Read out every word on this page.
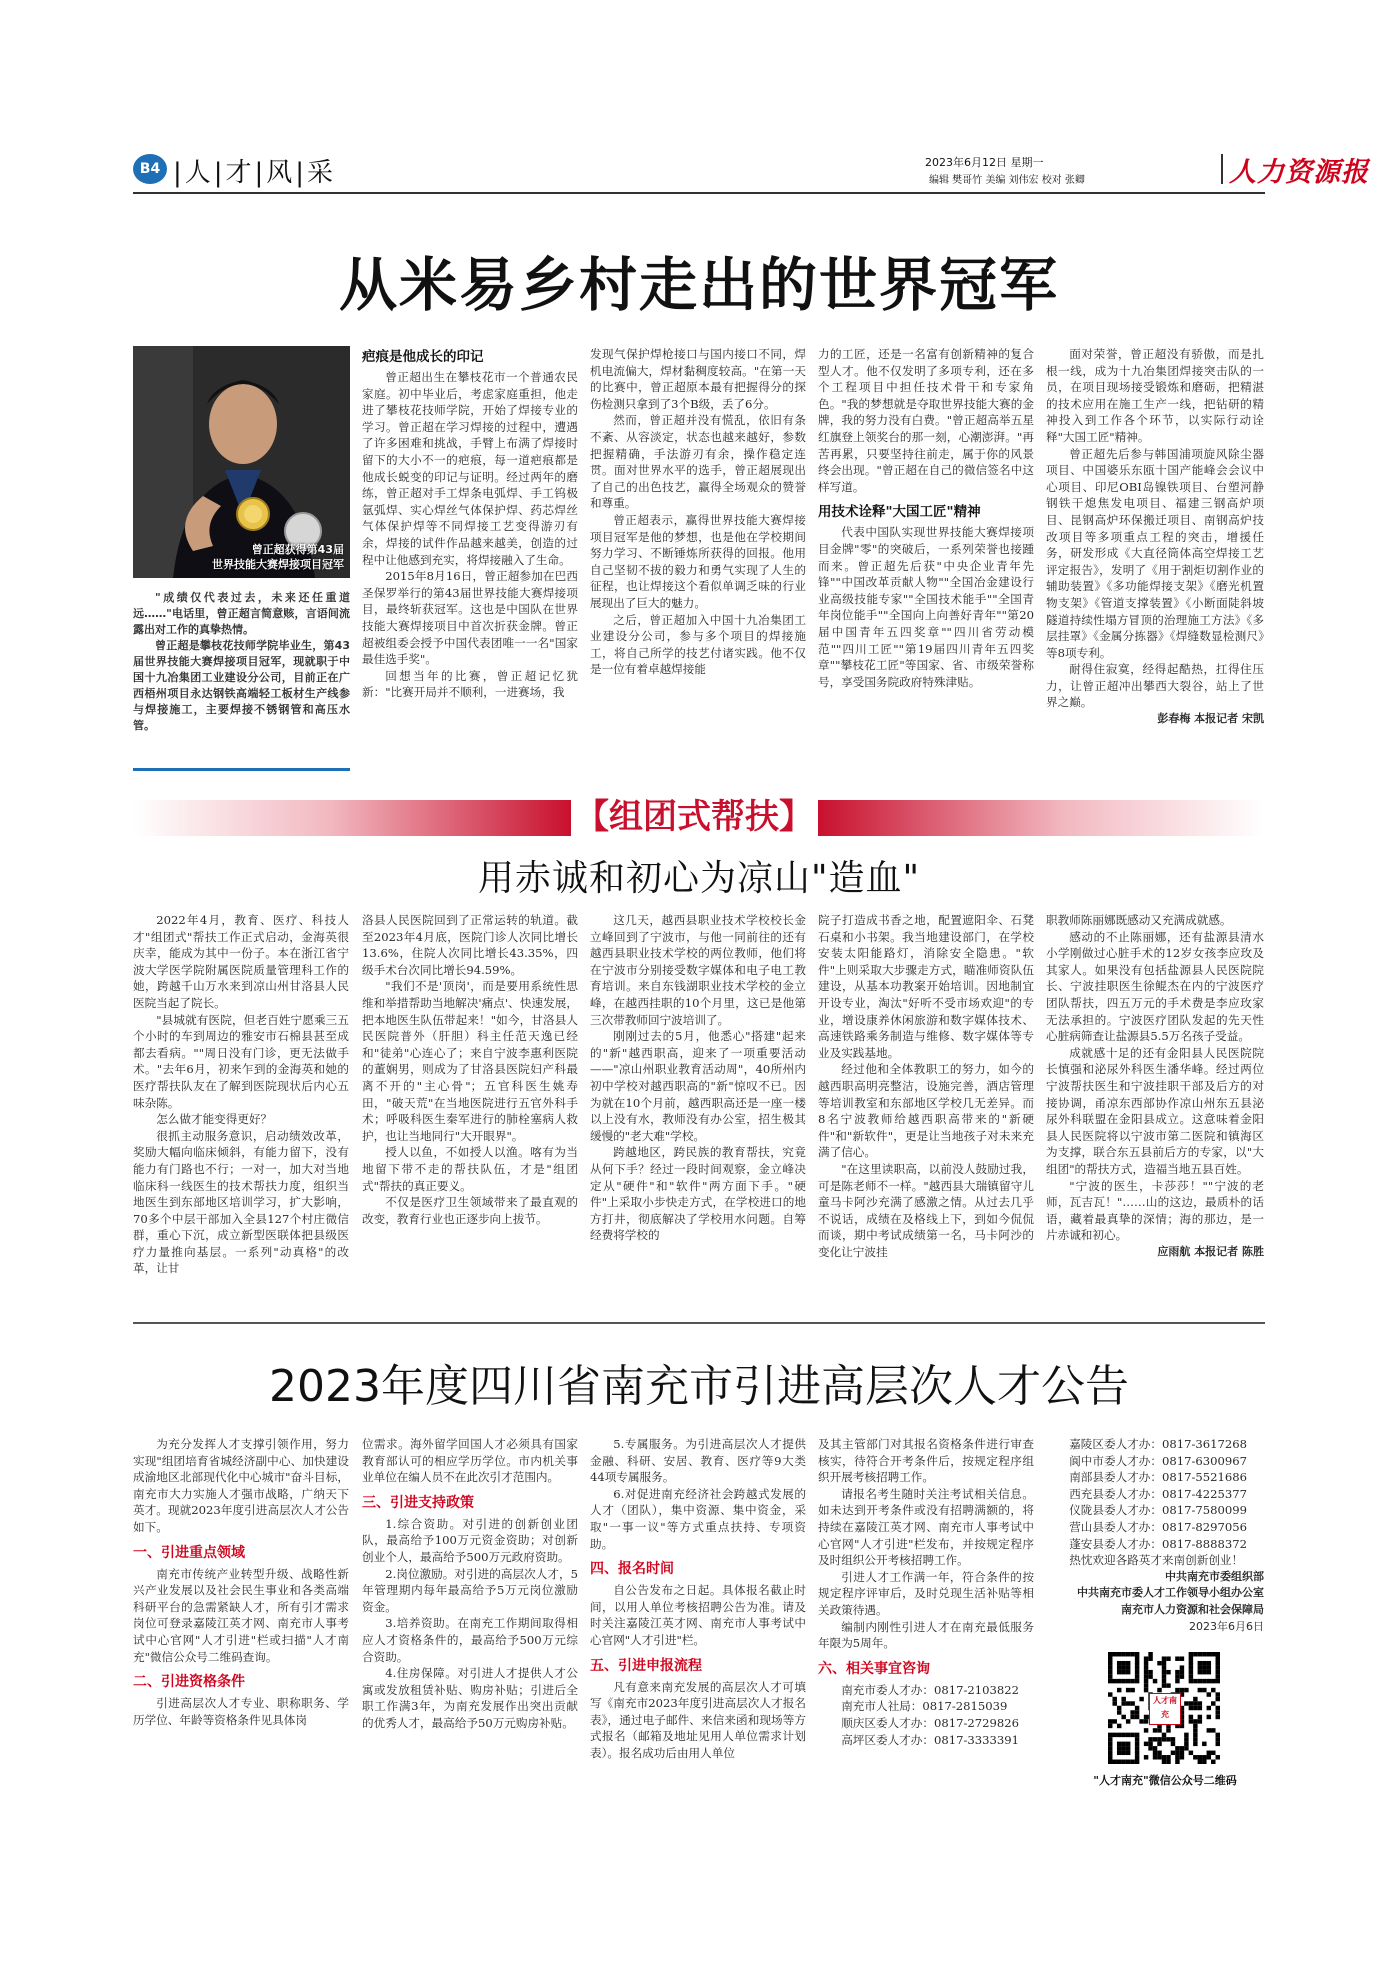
B4 |人|才|风|采	2023年6月12日 星期一
编辑 樊哥竹 美编 刘伟宏 校对 张卿	人力资源报
从米易乡村走出的世界冠军
曾正超获得第43届
世界技能大赛焊接项目冠军

"成绩仅代表过去，未来还任重道远……"电话里，曾正超言简意赅，言语间流露出对工作的真挚热情。

曾正超是攀枝花技师学院毕业生，第43届世界技能大赛焊接项目冠军，现就职于中国十九冶集团工业建设分公司，目前正在广西梧州项目永达钢铁高端轻工板材生产线参与焊接施工，主要焊接不锈钢管和高压水管。

疤痕是他成长的印记

曾正超出生在攀枝花市一个普通农民家庭。初中毕业后，考虑家庭重担，他走进了攀枝花技师学院，开始了焊接专业的学习。曾正超在学习焊接的过程中，遭遇了许多困难和挑战，手臂上布满了焊接时留下的大小不一的疤痕，每一道疤痕都是他成长蜕变的印记与证明。经过两年的磨练，曾正超对手工焊条电弧焊、手工钨极氩弧焊、实心焊丝气体保护焊、药芯焊丝气体保护焊等不同焊接工艺变得游刃有余，焊接的试件作品越来越美，创造的过程中让他感到充实，将焊接融入了生命。

2015年8月16日，曾正超参加在巴西圣保罗举行的第43届世界技能大赛焊接项目，最终斩获冠军。这也是中国队在世界技能大赛焊接项目中首次折获金牌。曾正超被组委会授予中国代表团唯一一名"国家最佳选手奖"。

回想当年的比赛，曾正超记忆犹新："比赛开局并不顺利，一进赛场，我

发现气保护焊枪接口与国内接口不同，焊机电流偏大，焊材黏稠度较高。"在第一天的比赛中，曾正超原本最有把握得分的探伤检测只拿到了3个B级，丢了6分。

然而，曾正超并没有慌乱，依旧有条不紊、从容淡定，状态也越来越好，参数把握精确，手法游刃有余，操作稳定连贯。面对世界水平的选手，曾正超展现出了自己的出色技艺，赢得全场观众的赞誉和尊重。

曾正超表示，赢得世界技能大赛焊接项目冠军是他的梦想，也是他在学校期间努力学习、不断锤炼所获得的回报。他用自己坚韧不拔的毅力和勇气实现了人生的征程，也让焊接这个看似单调乏味的行业展现出了巨大的魅力。

之后，曾正超加入中国十九冶集团工业建设分公司，参与多个项目的焊接施工，将自己所学的技艺付诸实践。他不仅是一位有着卓越焊接能

力的工匠，还是一名富有创新精神的复合型人才。他不仅发明了多项专利，还在多个工程项目中担任技术骨干和专家角色。"我的梦想就是夺取世界技能大赛的金牌，我的努力没有白费。"曾正超高举五星红旗登上领奖台的那一刻，心潮澎湃。"再苦再累，只要坚持往前走，属于你的风景终会出现。"曾正超在自己的微信签名中这样写道。

用技术诠释"大国工匠"精神

代表中国队实现世界技能大赛焊接项目金牌"零"的突破后，一系列荣誉也接踵而来。曾正超先后获"中央企业青年先锋""中国改革贡献人物""全国冶金建设行业高级技能专家""全国技术能手""全国青年岗位能手""全国向上向善好青年""第20届中国青年五四奖章""四川省劳动模范""四川工匠""第19届四川青年五四奖章""攀枝花工匠"等国家、省、市级荣誉称号，享受国务院政府特殊津贴。

面对荣誉，曾正超没有骄傲，而是扎根一线，成为十九冶集团焊接突击队的一员，在项目现场接受锻炼和磨砺，把精湛的技术应用在施工生产一线，把钻研的精神投入到工作各个环节，以实际行动诠释"大国工匠"精神。

曾正超先后参与韩国浦项旋风除尘器项目、中国婆乐东瓯十国产能峰会会议中心项目、印尼OBI岛镍铁项目、台塑河静钢铁干熄焦发电项目、福建三钢高炉项目、昆钢高炉环保搬迁项目、南钢高炉技改项目等多项重点工程的突击，增援任务，研发形成《大直径筒体高空焊接工艺评定报告》，发明了《用于割炬切割作业的辅助装置》《多功能焊接支架》《磨光机置物支架》《管道支撑装置》《小断面陡斜坡隧道持续性塌方冒顶的治理施工方法》《多层挂罩》《金属分拣器》《焊缝数显检测尺》等8项专利。

耐得住寂寞，经得起酷热，扛得住压力，让曾正超冲出攀西大裂谷，站上了世界之巅。

彭春梅 本报记者 宋凯
【组团式帮扶】
用赤诚和初心为凉山"造血"

2022年4月，教育、医疗、科技人才"组团式"帮扶工作正式启动，金海英很庆幸，能成为其中一份子。本在浙江省宁波大学医学院附属医院质量管理科工作的她，跨越千山万水来到凉山州甘洛县人民医院当起了院长。

"县城就有医院，但老百姓宁愿乘三五个小时的车到周边的雅安市石棉县甚至成都去看病。""周日没有门诊，更无法做手术。"去年6月，初来乍到的金海英和她的医疗帮扶队友在了解到医院现状后内心五味杂陈。

怎么做才能变得更好？

很抓主动服务意识，启动绩效改革，奖励大幅向临床倾斜，有能力留下，没有能力有门路也不行；一对一，加大对当地临床科一线医生的技术帮扶力度，组织当地医生到东部地区培训学习，扩大影响，70多个中层干部加入全县127个村庄微信群，重心下沉，成立新型医联体把县级医疗力量推向基层。一系列"动真格"的改革，让甘

洛县人民医院回到了正常运转的轨道。截至2023年4月底，医院门诊人次同比增长13.6%，住院人次同比增长43.35%，四级手术台次同比增长94.59%。

"我们不是'顶岗'，而是要用系统性思维和举措帮助当地解决'痛点'、快速发展，把本地医生队伍带起来！"如今，甘洛县人民医院普外（肝胆）科主任范天逸已经和"徒弟"心连心了；来自宁波李惠利医院的董娴男，则成为了甘洛县医院妇产科最离不开的"主心骨"；五官科医生姚寿田，"破天荒"在当地医院进行五官外科手术；呼吸科医生秦军进行的肺栓塞病人救护，也让当地同行"大开眼界"。

授人以鱼，不如授人以渔。喀有为当地留下带不走的帮扶队伍，才是"组团式"帮扶的真正要义。

不仅是医疗卫生领域带来了最直观的改变，教育行业也正逐步向上拔节。

这几天，越西县职业技术学校校长金立峰回到了宁波市，与他一同前往的还有越西县职业技术学校的两位教师，他们将在宁波市分别接受数字媒体和电子电工教育培训。来自东钱湖职业技术学校的金立峰，在越西挂职的10个月里，这已是他第三次带教师回宁波培训了。

刚刚过去的5月，他悉心"搭建"起来的"新"越西职高，迎来了一项重要活动——"凉山州职业教育活动周"，40所州内初中学校对越西职高的"新"惊叹不已。因为就在10个月前，越西职高还是一座一楼以上没有水，教师没有办公室，招生极其缓慢的"老大难"学校。

跨越地区，跨民族的教育帮扶，究竟从何下手？经过一段时间观察，金立峰决定从"硬件"和"软件"两方面下手。"硬件"上采取小步快走方式，在学校进口的地方打井，彻底解决了学校用水问题。自筹经费将学校的

院子打造成书香之地，配置遮阳伞、石凳石桌和小书架。我当地建设部门，在学校安装太阳能路灯，消除安全隐患。"软件"上则采取大步骤走方式，瞄准师资队伍建设，从基本功教案开始培训。因地制宜开设专业，淘汰"好听不受市场欢迎"的专业，增设康养休闲旅游和数字媒体技术、高速铁路乘务制造与维修、数字媒体等专业及实践基地。

经过他和全体教职工的努力，如今的越西职高明亮整洁，设施完善，酒店管理等培训教室和东部地区学校几无差异。而8名宁波教师给越西职高带来的"新硬件"和"新软件"，更是让当地孩子对未来充满了信心。

"在这里读职高，以前没人鼓励过我，可是陈老师不一样。"越西县大瑞镇留守儿童马卡阿沙充满了感激之情。从过去几乎不说话，成绩在及格线上下，到如今侃侃而谈，期中考试成绩第一名，马卡阿沙的变化让宁波挂

职教师陈丽娜既感动又充满成就感。

感动的不止陈丽娜，还有盐源县清水小学刚做过心脏手术的12岁女孩李应玫及其家人。如果没有包括盐源县人民医院院长、宁波挂职医生徐鲲杰在内的宁波医疗团队帮扶，四五万元的手术费是李应玫家无法承担的。宁波医疗团队发起的先天性心脏病筛查让盐源县5.5万名孩子受益。

成就感十足的还有金阳县人民医院院长慎强和泌尿外科医生潘华峰。经过两位宁波帮扶医生和宁波挂职干部及后方的对接协调，甬凉东西部协作凉山州东五县泌尿外科联盟在金阳县成立。这意味着金阳县人民医院将以宁波市第二医院和镇海区为支撑，联合东五县前后方的专家，以"大组团"的帮扶方式，造福当地五县百姓。

"宁波的医生，卡莎莎！""宁波的老师，瓦吉瓦！"……山的这边，最质朴的话语，藏着最真挚的深情；海的那边，是一片赤诚和初心。

应雨航 本报记者 陈胜
2023年度四川省南充市引进高层次人才公告

为充分发挥人才支撑引领作用，努力实现"组团培育省城经济副中心、加快建设成渝地区北部现代化中心城市"奋斗目标，南充市大力实施人才强市战略，广纳天下英才。现就2023年度引进高层次人才公告如下。

一、引进重点领域

南充市传统产业转型升级、战略性新兴产业发展以及社会民生事业和各类高端科研平台的急需紧缺人才，所有引才需求岗位可登录嘉陵江英才网、南充市人事考试中心官网"人才引进"栏或扫描"人才南充"微信公众号二维码查询。

二、引进资格条件

引进高层次人才专业、职称职务、学历学位、年龄等资格条件见具体岗

位需求。海外留学回国人才必须具有国家教育部认可的相应学历学位。市内机关事业单位在编人员不在此次引才范围内。

三、引进支持政策

1.综合资助。对引进的创新创业团队，最高给予100万元资金资助；对创新创业个人，最高给予500万元政府资助。

2.岗位激励。对引进的高层次人才，5年管理期内每年最高给予5万元岗位激励资金。

3.培养资助。在南充工作期间取得相应人才资格条件的，最高给予500万元综合资助。

4.住房保障。对引进人才提供人才公寓或发放租赁补贴、购房补贴；引进后全职工作满3年，为南充发展作出突出贡献的优秀人才，最高给予50万元购房补贴。

5.专属服务。为引进高层次人才提供金融、科研、安居、教育、医疗等9大类44项专属服务。

6.对促进南充经济社会跨越式发展的人才（团队），集中资源、集中资金，采取"一事一议"等方式重点扶持、专项资助。

四、报名时间

自公告发布之日起。具体报名截止时间，以用人单位考核招聘公告为准。请及时关注嘉陵江英才网、南充市人事考试中心官网"人才引进"栏。

五、引进申报流程

凡有意来南充发展的高层次人才可填写《南充市2023年度引进高层次人才报名表》，通过电子邮件、来信来函和现场等方式报名（邮箱及地址见用人单位需求计划表）。报名成功后由用人单位

及其主管部门对其报名资格条件进行审查核实，待符合开考条件后，按规定程序组织开展考核招聘工作。

请报名考生随时关注考试相关信息。如未达到开考条件或没有招聘满额的，将持续在嘉陵江英才网、南充市人事考试中心官网"人才引进"栏发布，并按规定程序及时组织公开考核招聘工作。

引进人才工作满一年，符合条件的按规定程序评审后，及时兑现生活补贴等相关政策待遇。

编制内刚性引进人才在南充最低服务年限为5周年。

六、相关事宜咨询
南充市委人才办：0817-2103822
南充市人社局：0817-2815039
顺庆区委人才办：0817-2729826
高坪区委人才办：0817-3333391
嘉陵区委人才办：0817-3617268
阆中市委人才办：0817-6300967
南部县委人才办：0817-5521686
西充县委人才办：0817-4225377
仪陇县委人才办：0817-7580099
营山县委人才办：0817-8297056
蓬安县委人才办：0817-8888372

热忱欢迎各路英才来南创新创业！

中共南充市委组织部
中共南充市委人才工作领导小组办公室
南充市人力资源和社会保障局
2023年6月6日
人才南充
"人才南充"微信公众号二维码
